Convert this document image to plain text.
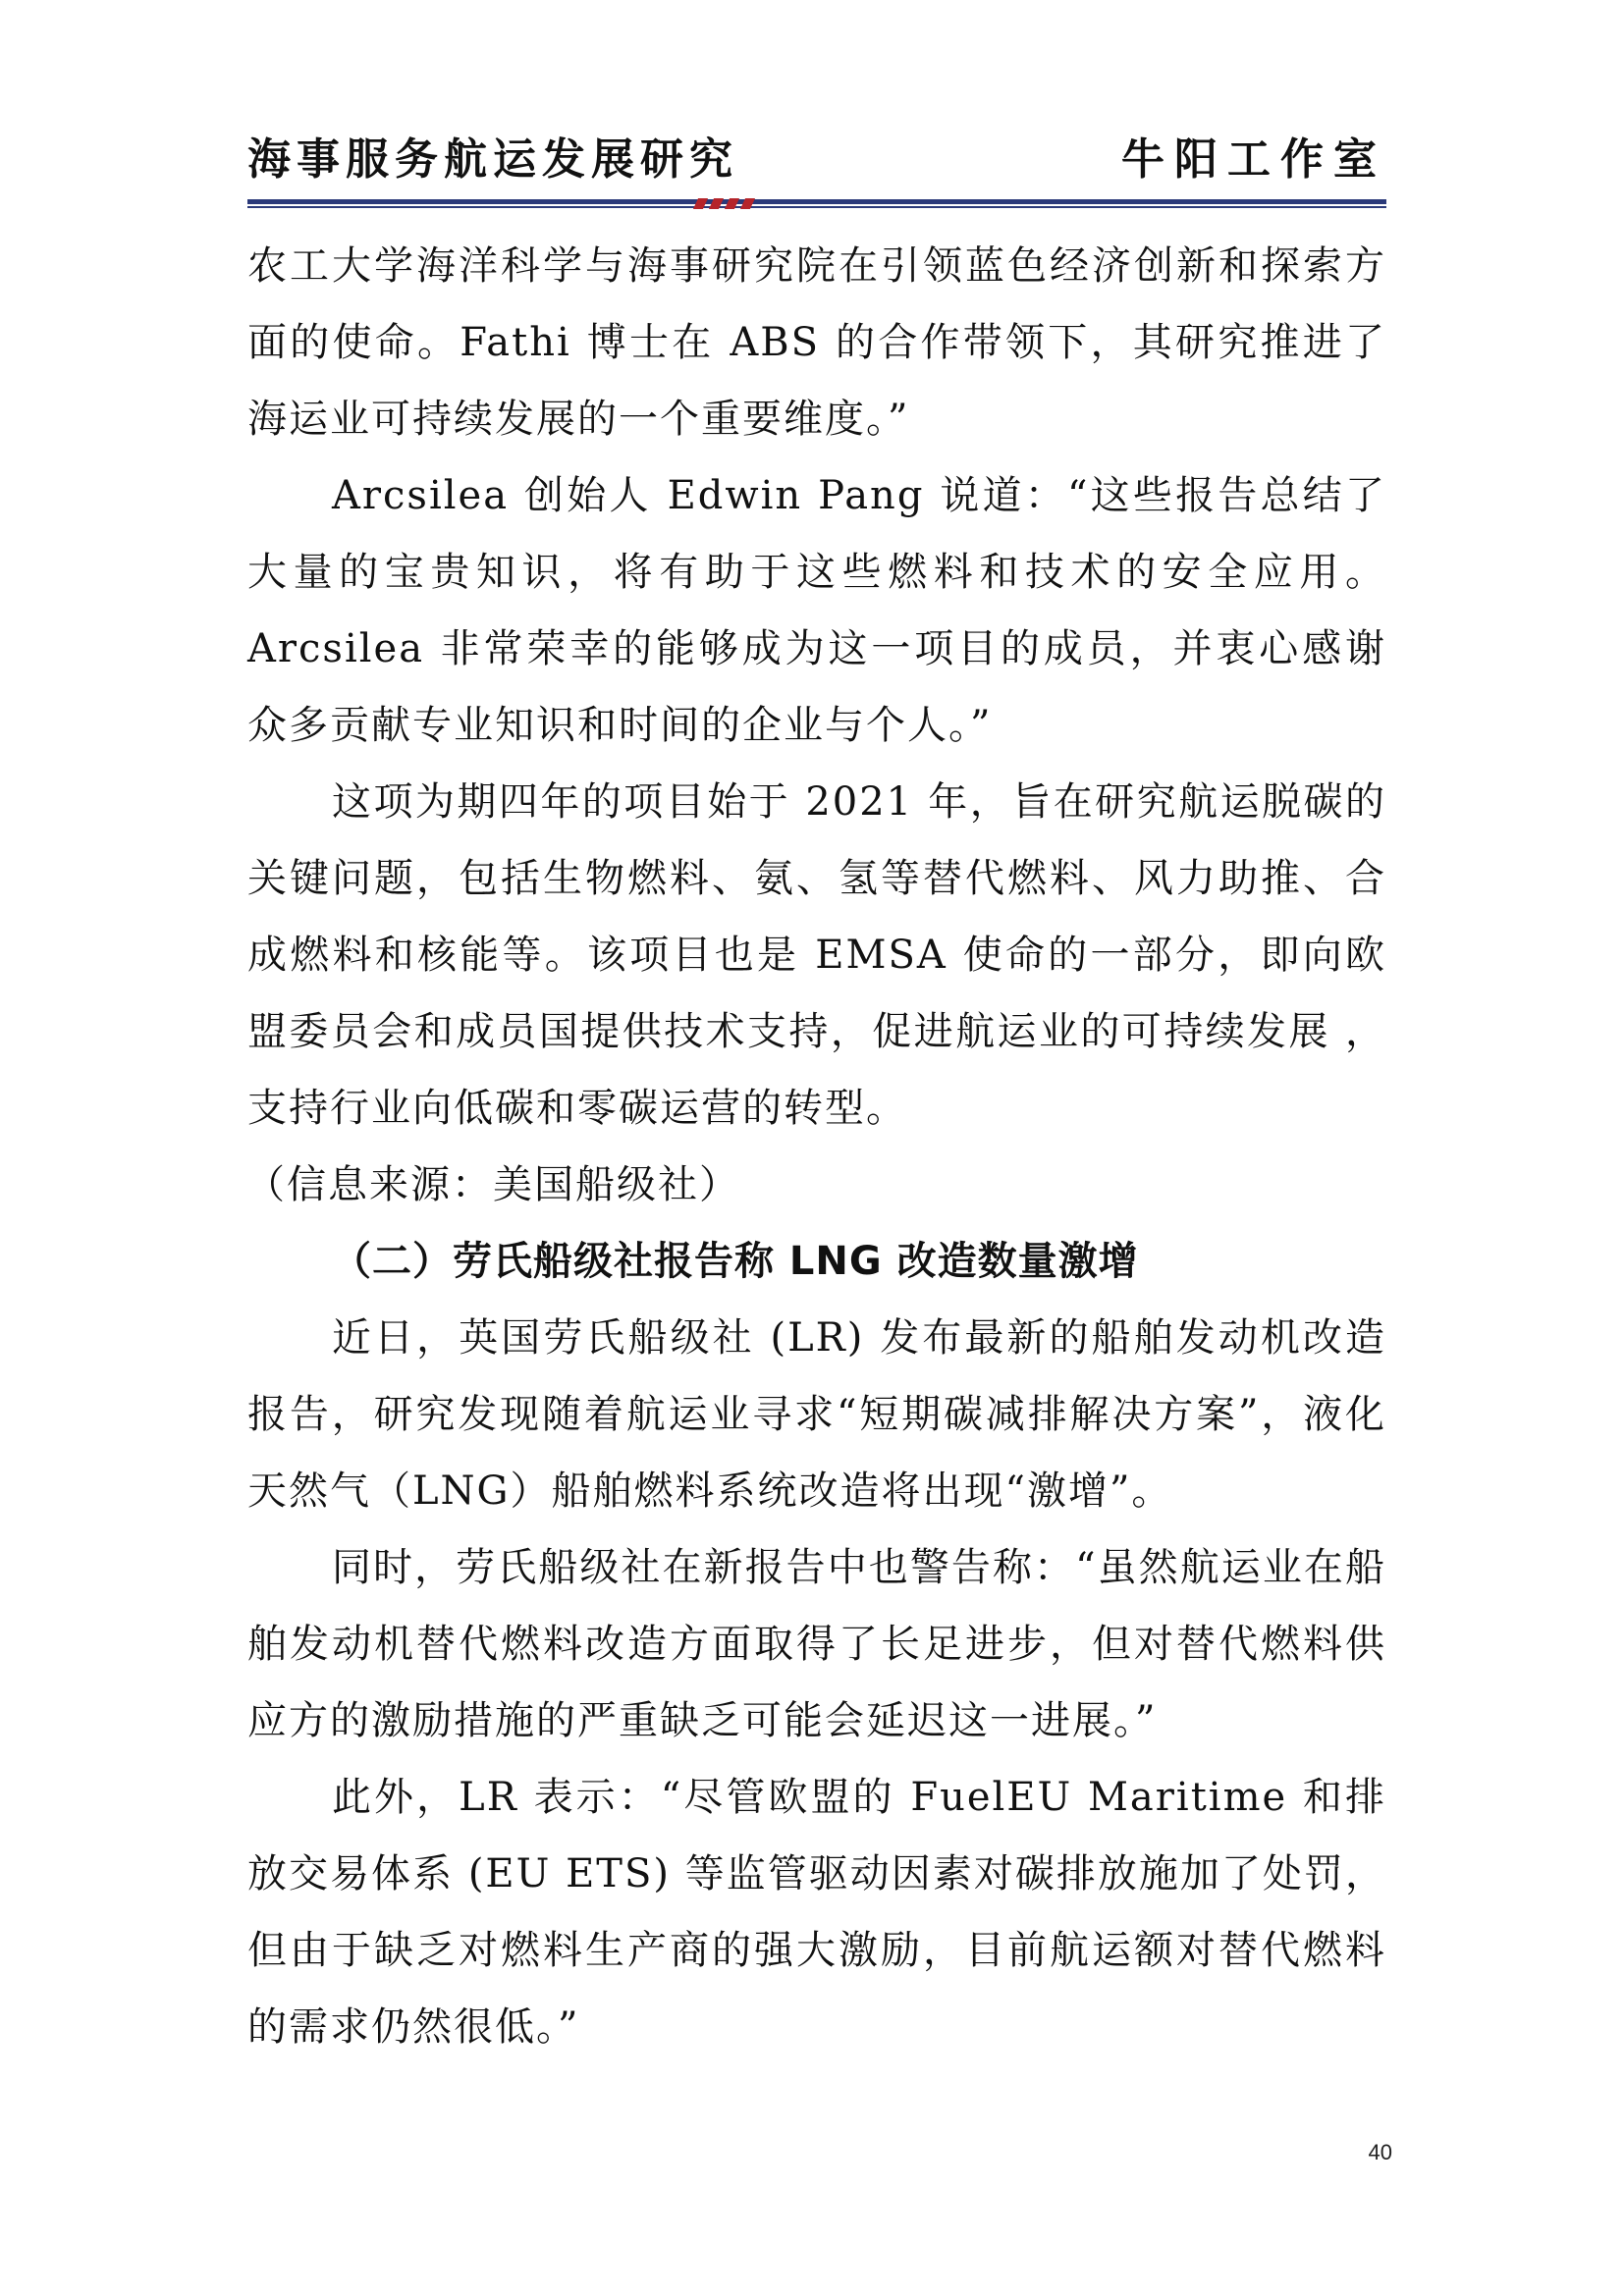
海事服务航运发展研究	牛阳工作室

农工大学海洋科学与海事研究院在引领蓝色经济创新和探索方面的使命。Fathi 博士在 ABS 的合作带领下，其研究推进了海运业可持续发展的一个重要维度。”

Arcsilea 创始人 Edwin Pang 说道：“这些报告总结了大量的宝贵知识，将有助于这些燃料和技术的安全应用。Arcsilea 非常荣幸的能够成为这一项目的成员，并衷心感谢众多贡献专业知识和时间的企业与个人。”

这项为期四年的项目始于 2021 年，旨在研究航运脱碳的关键问题，包括生物燃料、氨、氢等替代燃料、风力助推、合成燃料和核能等。该项目也是 EMSA 使命的一部分，即向欧盟委员会和成员国提供技术支持，促进航运业的可持续发展 ，支持行业向低碳和零碳运营的转型。

（信息来源：美国船级社）

（二）劳氏船级社报告称 LNG 改造数量激增

近日，英国劳氏船级社 (LR) 发布最新的船舶发动机改造报告，研究发现随着航运业寻求“短期碳减排解决方案”，液化天然气（LNG）船舶燃料系统改造将出现“激增”。

同时，劳氏船级社在新报告中也警告称：“虽然航运业在船舶发动机替代燃料改造方面取得了长足进步，但对替代燃料供应方的激励措施的严重缺乏可能会延迟这一进展。”

此外，LR 表示：“尽管欧盟的 FuelEU Maritime 和排放交易体系 (EU ETS) 等监管驱动因素对碳排放施加了处罚，但由于缺乏对燃料生产商的强大激励，目前航运额对替代燃料的需求仍然很低。”

40
